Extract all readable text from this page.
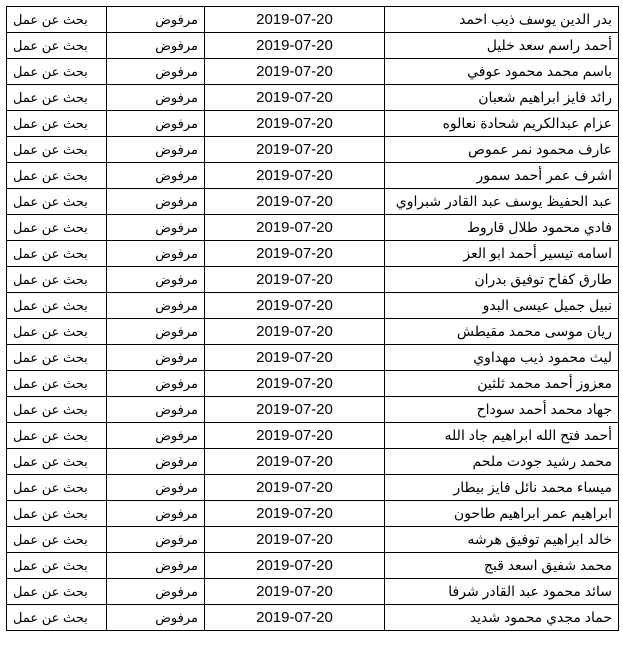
بحث عن عمل	مرفوض	2019-07-20	بدر الدين يوسف ذيب احمد
بحث عن عمل	مرفوض	2019-07-20	أحمد راسم سعد خليل
بحث عن عمل	مرفوض	2019-07-20	باسم محمد محمود عوفي
بحث عن عمل	مرفوض	2019-07-20	رائد فايز ابراهيم شعبان
بحث عن عمل	مرفوض	2019-07-20	عزام عبدالكريم شحادة نعالوه
بحث عن عمل	مرفوض	2019-07-20	عارف محمود نمر عموص
بحث عن عمل	مرفوض	2019-07-20	اشرف عمر أحمد سمور
بحث عن عمل	مرفوض	2019-07-20	عبد الحفيظ يوسف عبد القادر شبراوي
بحث عن عمل	مرفوض	2019-07-20	فادي محمود طلال قاروط
بحث عن عمل	مرفوض	2019-07-20	اسامه تيسير أحمد ابو العز
بحث عن عمل	مرفوض	2019-07-20	طارق كفاح توفيق بدران
بحث عن عمل	مرفوض	2019-07-20	نبيل جميل عيسى البدو
بحث عن عمل	مرفوض	2019-07-20	ريان موسى محمد مقيطش
بحث عن عمل	مرفوض	2019-07-20	ليث محمود ذيب مهداوي
بحث عن عمل	مرفوض	2019-07-20	معزوز أحمد محمد ثلثين
بحث عن عمل	مرفوض	2019-07-20	جهاد محمد أحمد سوداح
بحث عن عمل	مرفوض	2019-07-20	أحمد فتح الله ابراهيم جاد الله
بحث عن عمل	مرفوض	2019-07-20	محمد رشيد جودت ملحم
بحث عن عمل	مرفوض	2019-07-20	ميساء محمد نائل فايز بيطار
بحث عن عمل	مرفوض	2019-07-20	ابراهيم عمر ابراهيم طاحون
بحث عن عمل	مرفوض	2019-07-20	خالد ابراهيم توفيق هرشه
بحث عن عمل	مرفوض	2019-07-20	محمد شفيق اسعد قبج
بحث عن عمل	مرفوض	2019-07-20	سائد محمود عبد القادر شرفا
بحث عن عمل	مرفوض	2019-07-20	حماد مجدي محمود شديد
